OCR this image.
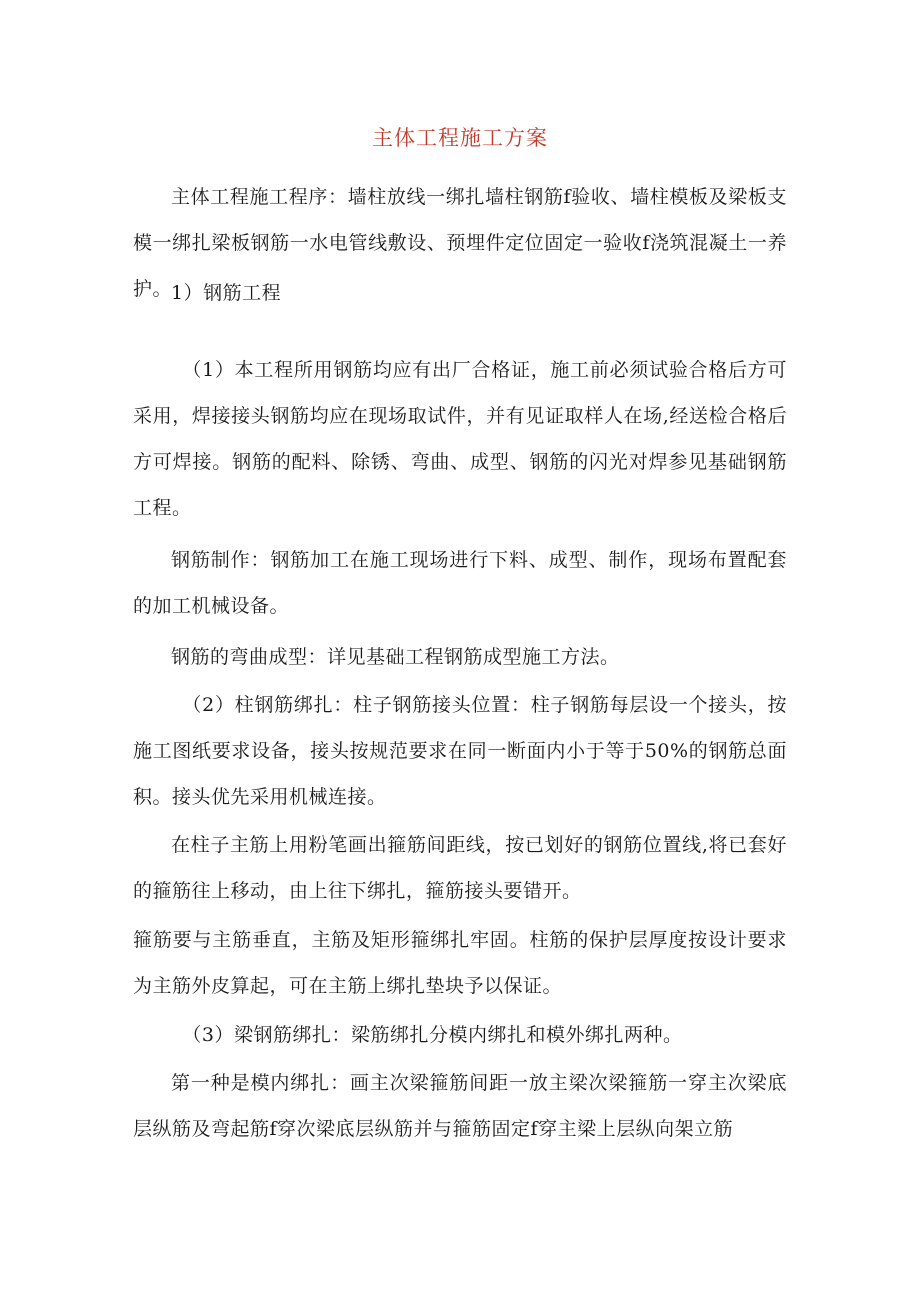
主体工程施工方案

主体工程施工程序：墙柱放线一绑扎墙柱钢筋f验收、墙柱模板及梁板支模一绑扎梁板钢筋一水电管线敷设、预埋件定位固定一验收f浇筑混凝土一养护。

1）钢筋工程

（1）本工程所用钢筋均应有出厂合格证，施工前必须试验合格后方可采用，焊接接头钢筋均应在现场取试件，并有见证取样人在场,经送检合格后方可焊接。钢筋的配料、除锈、弯曲、成型、钢筋的闪光对焊参见基础钢筋工程。

钢筋制作：钢筋加工在施工现场进行下料、成型、制作，现场布置配套的加工机械设备。

钢筋的弯曲成型：详见基础工程钢筋成型施工方法。

（2）柱钢筋绑扎：柱子钢筋接头位置：柱子钢筋每层设一个接头，按施工图纸要求设备，接头按规范要求在同一断面内小于等于50%的钢筋总面积。接头优先采用机械连接。

在柱子主筋上用粉笔画出箍筋间距线，按已划好的钢筋位置线,将已套好的箍筋往上移动，由上往下绑扎，箍筋接头要错开。

箍筋要与主筋垂直，主筋及矩形箍绑扎牢固。柱筋的保护层厚度按设计要求为主筋外皮算起，可在主筋上绑扎垫块予以保证。

（3）梁钢筋绑扎：梁筋绑扎分模内绑扎和模外绑扎两种。

第一种是模内绑扎：画主次梁箍筋间距一放主梁次梁箍筋一穿主次梁底层纵筋及弯起筋f穿次梁底层纵筋并与箍筋固定f穿主梁上层纵向架立筋
